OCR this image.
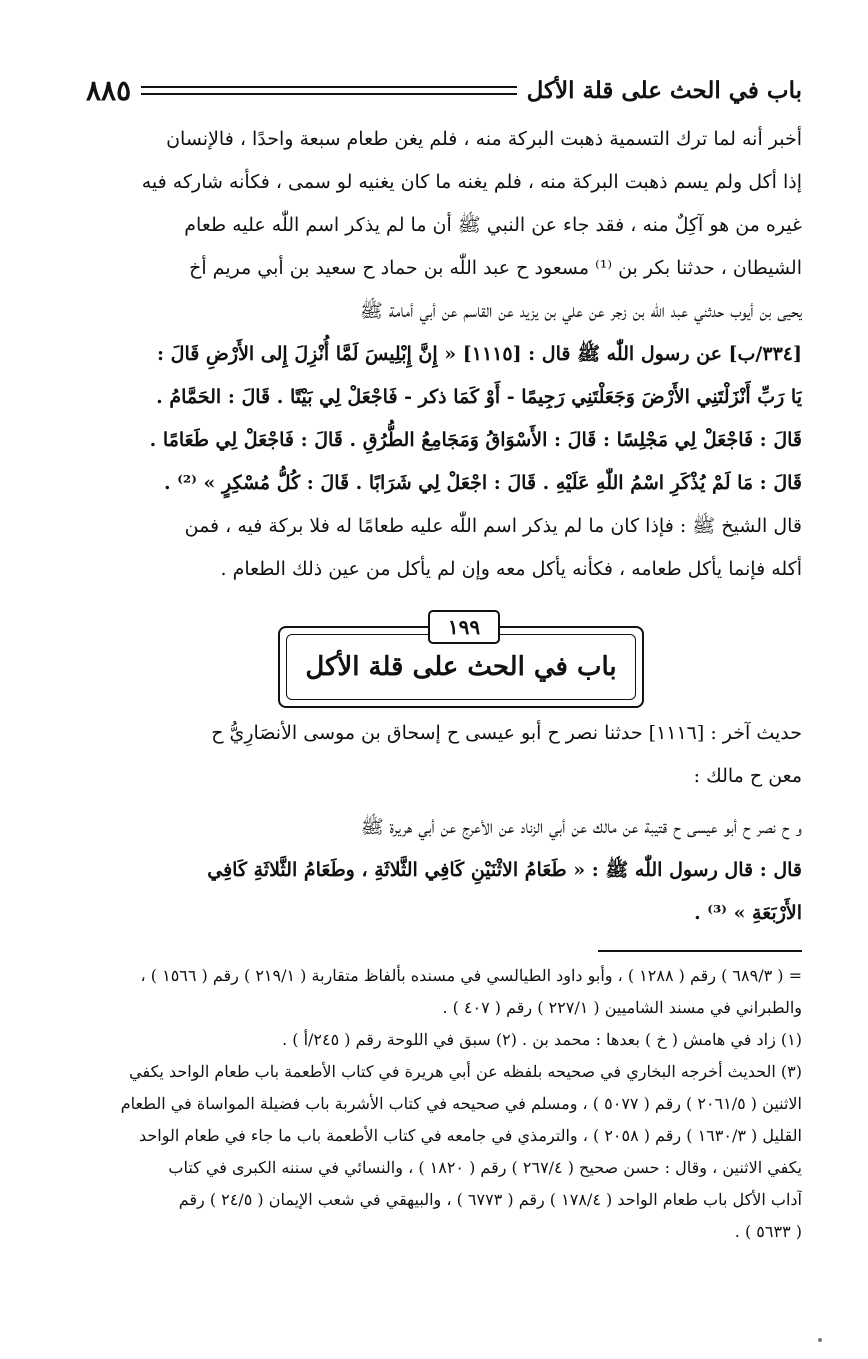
باب في الحث على قلة الأكل
٨٨٥
أخبر أنه لما ترك التسمية ذهبت البركة منه ، فلم يغن طعام سبعة واحدًا ، فالإنسان
إذا أكل ولم يسم ذهبت البركة منه ، فلم يغنه ما كان يغنيه لو سمى ، فكأنه شاركه فيه
غيره من هو آكِلٌ منه ، فقد جاء عن النبي ﷺ أن ما لم يذكر اسم اللّٰه عليه طعام
الشيطان ، حدثنا بكر بن ⁽¹⁾ مسعود ح عبد اللّٰه بن حماد ح سعيد بن أبي مريم أخ
يحيى بن أيوب حدثني عبد اللّٰه بن زجر عن علي بن يزيد عن القاسم عن أبي أمامة ﷺ
[٣٣٤/ب] عن رسول اللّٰه ﷺ قال : [١١١٥] « إِنَّ إِبْلِيسَ لَمَّا أُنْزِلَ إِلى الأَرْضِ قَالَ :
يَا رَبِّ أَنْزَلْتَنِي الأَرْضَ وَجَعَلْتَنِي رَجِيمًا - أَوْ كَمَا ذكر - فَاجْعَلْ لِي بَيْتًا . قَالَ : الحَمَّامُ .
قَالَ : فَاجْعَلْ لِي مَجْلِسًا : قَالَ : الأَسْوَاقُ وَمَجَامِعُ الطُّرُقِ . قَالَ : فَاجْعَلْ لِي طَعَامًا .
قَالَ : مَا لَمْ يُذْكَرِ اسْمُ اللّٰهِ عَلَيْهِ . قَالَ : اجْعَلْ لِي شَرَابًا . قَالَ : كُلُّ مُسْكِرٍ » ⁽²⁾ .
قال الشيخ ﷺ : فإذا كان ما لم يذكر اسم اللّٰه عليه طعامًا له فلا بركة فيه ، فمن
أكله فإنما يأكل طعامه ، فكأنه يأكل معه وإن لم يأكل من عين ذلك الطعام .
باب في الحث على قلة الأكل
١٩٩
حديث آخر : [١١١٦] حدثنا نصر ح أبو عيسى ح إسحاق بن موسى الأنصَارِيُّ ح
معن ح مالك :
و ح نصر ح أبو عيسى ح قتيبة عن مالك عن أبي الزناد عن الأعرج عن أبي هريرة ﷺ
قال : قال رسول اللّٰه ﷺ : « طَعَامُ الاثْنَيْنِ كَافِي الثَّلاثَةِ ، وطَعَامُ الثَّلاثَةِ كَافِي
الأَرْبَعَةِ » ⁽³⁾ .
= ( ٦٨٩/٣ ) رقم ( ١٢٨٨ ) ، وأبو داود الطيالسي في مسنده بألفاظ متقاربة ( ٢١٩/١ ) رقم ( ١٥٦٦ ) ،
والطبراني في مسند الشاميين ( ٢٢٧/١ ) رقم ( ٤٠٧ ) .
(١) زاد في هامش ( خ ) بعدها : محمد بن . (٢) سبق في اللوحة رقم ( ٢٤٥/أ ) .
(٣) الحديث أخرجه البخاري في صحيحه بلفظه عن أبي هريرة في كتاب الأطعمة باب طعام الواحد يكفي
الاثنين ( ٢٠٦١/٥ ) رقم ( ٥٠٧٧ ) ، ومسلم في صحيحه في كتاب الأشربة باب فضيلة المواساة في الطعام
القليل ( ١٦٣٠/٣ ) رقم ( ٢٠٥٨ ) ، والترمذي في جامعه في كتاب الأطعمة باب ما جاء في طعام الواحد
يكفي الاثنين ، وقال : حسن صحيح ( ٢٦٧/٤ ) رقم ( ١٨٢٠ ) ، والنسائي في سننه الكبرى في كتاب
آداب الأكل باب طعام الواحد ( ١٧٨/٤ ) رقم ( ٦٧٧٣ ) ، والبيهقي في شعب الإيمان ( ٢٤/٥ ) رقم
( ٥٦٣٣ ) .
